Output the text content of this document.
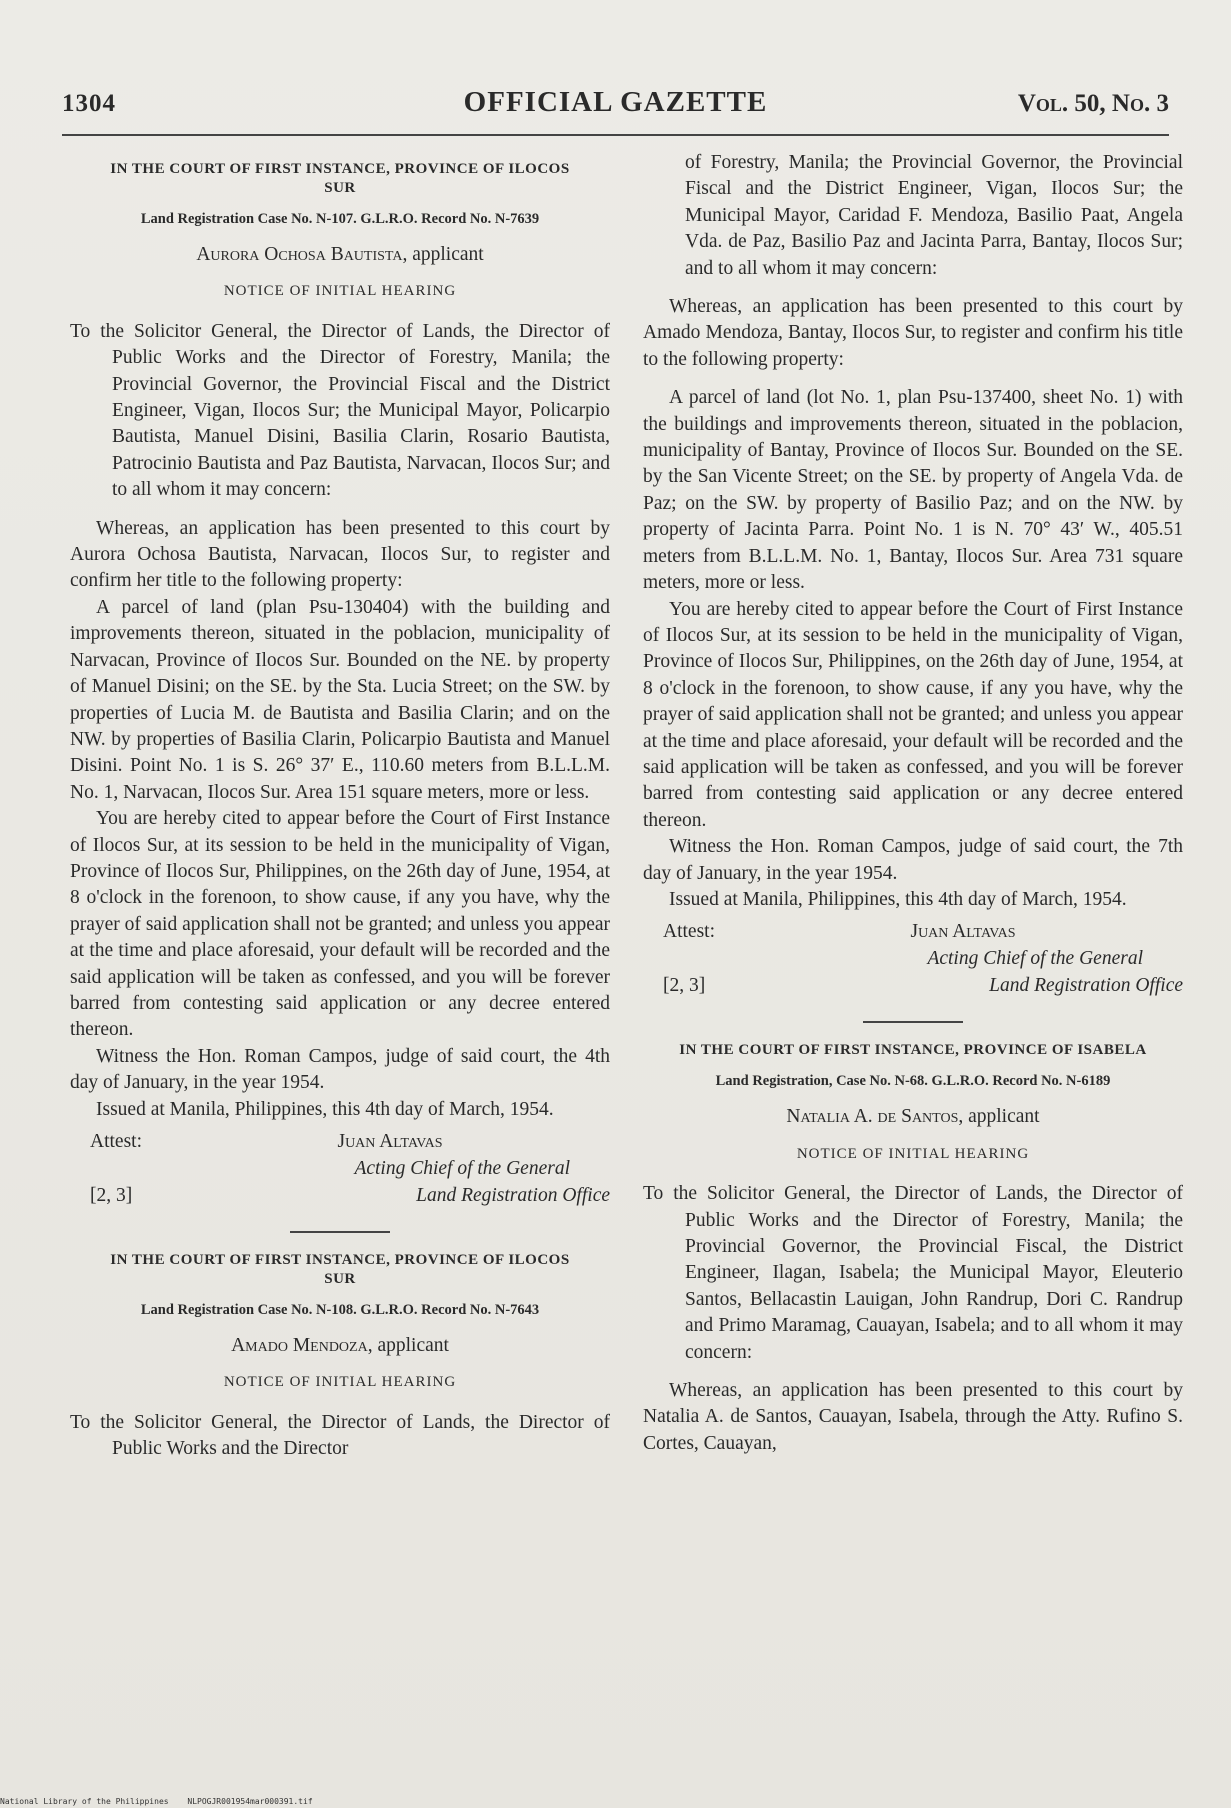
1304	OFFICIAL GAZETTE	Vol. 50, No. 3
IN THE COURT OF FIRST INSTANCE, PROVINCE OF ILOCOS SUR
Land Registration Case No. N-107. G.L.R.O. Record No. N-7639
Aurora Ochosa Bautista, applicant
NOTICE OF INITIAL HEARING

To the Solicitor General, the Director of Lands, the Director of Public Works and the Director of Forestry, Manila; the Provincial Governor, the Provincial Fiscal and the District Engineer, Vigan, Ilocos Sur; the Municipal Mayor, Policarpio Bautista, Manuel Disini, Basilia Clarin, Rosario Bautista, Patrocinio Bautista and Paz Bautista, Narvacan, Ilocos Sur; and to all whom it may concern:

Whereas, an application has been presented to this court by Aurora Ochosa Bautista, Narvacan, Ilocos Sur, to register and confirm her title to the following property:

A parcel of land (plan Psu-130404) with the building and improvements thereon, situated in the poblacion, municipality of Narvacan, Province of Ilocos Sur. Bounded on the NE. by property of Manuel Disini; on the SE. by the Sta. Lucia Street; on the SW. by properties of Lucia M. de Bautista and Basilia Clarin; and on the NW. by properties of Basilia Clarin, Policarpio Bautista and Manuel Disini. Point No. 1 is S. 26° 37′ E., 110.60 meters from B.L.L.M. No. 1, Narvacan, Ilocos Sur. Area 151 square meters, more or less.

You are hereby cited to appear before the Court of First Instance of Ilocos Sur, at its session to be held in the municipality of Vigan, Province of Ilocos Sur, Philippines, on the 26th day of June, 1954, at 8 o'clock in the forenoon, to show cause, if any you have, why the prayer of said application shall not be granted; and unless you appear at the time and place aforesaid, your default will be recorded and the said application will be taken as confessed, and you will be forever barred from contesting said application or any decree entered thereon.

Witness the Hon. Roman Campos, judge of said court, the 4th day of January, in the year 1954.

Issued at Manila, Philippines, this 4th day of March, 1954.

Attest:	Juan Altavas
Acting Chief of the General
[2, 3]	Land Registration Office
IN THE COURT OF FIRST INSTANCE, PROVINCE OF ILOCOS SUR
Land Registration Case No. N-108. G.L.R.O. Record No. N-7643
Amado Mendoza, applicant
NOTICE OF INITIAL HEARING

To the Solicitor General, the Director of Lands, the Director of Public Works and the Director

of Forestry, Manila; the Provincial Governor, the Provincial Fiscal and the District Engineer, Vigan, Ilocos Sur; the Municipal Mayor, Caridad F. Mendoza, Basilio Paat, Angela Vda. de Paz, Basilio Paz and Jacinta Parra, Bantay, Ilocos Sur; and to all whom it may concern:

Whereas, an application has been presented to this court by Amado Mendoza, Bantay, Ilocos Sur, to register and confirm his title to the following property:

A parcel of land (lot No. 1, plan Psu-137400, sheet No. 1) with the buildings and improvements thereon, situated in the poblacion, municipality of Bantay, Province of Ilocos Sur. Bounded on the SE. by the San Vicente Street; on the SE. by property of Angela Vda. de Paz; on the SW. by property of Basilio Paz; and on the NW. by property of Jacinta Parra. Point No. 1 is N. 70° 43′ W., 405.51 meters from B.L.L.M. No. 1, Bantay, Ilocos Sur. Area 731 square meters, more or less.

You are hereby cited to appear before the Court of First Instance of Ilocos Sur, at its session to be held in the municipality of Vigan, Province of Ilocos Sur, Philippines, on the 26th day of June, 1954, at 8 o'clock in the forenoon, to show cause, if any you have, why the prayer of said application shall not be granted; and unless you appear at the time and place aforesaid, your default will be recorded and the said application will be taken as confessed, and you will be forever barred from contesting said application or any decree entered thereon.

Witness the Hon. Roman Campos, judge of said court, the 7th day of January, in the year 1954.

Issued at Manila, Philippines, this 4th day of March, 1954.

Attest:	Juan Altavas
Acting Chief of the General
[2, 3]	Land Registration Office
IN THE COURT OF FIRST INSTANCE, PROVINCE OF ISABELA
Land Registration, Case No. N-68. G.L.R.O. Record No. N-6189
Natalia A. de Santos, applicant
NOTICE OF INITIAL HEARING

To the Solicitor General, the Director of Lands, the Director of Public Works and the Director of Forestry, Manila; the Provincial Governor, the Provincial Fiscal, the District Engineer, Ilagan, Isabela; the Municipal Mayor, Eleuterio Santos, Bellacastin Lauigan, John Randrup, Dori C. Randrup and Primo Maramag, Cauayan, Isabela; and to all whom it may concern:

Whereas, an application has been presented to this court by Natalia A. de Santos, Cauayan, Isabela, through the Atty. Rufino S. Cortes, Cauayan,

National Library of the Philippines NLPOGJR001954mar000391.tif
